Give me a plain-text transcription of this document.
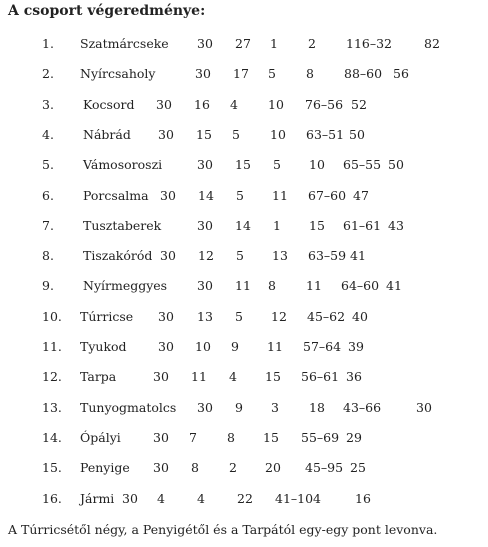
A csoport végeredménye:
1. Szatmárcseke 30 27 1 2 116–32	82
2. Nyírcsaholy	30 17 5 8 88–60 56
3. Kocsord 30 16 4 10 76–56 52
4. Nábrád 30 15 5 10 63–51 50
5. Vámosoroszi	30 15 5 10 65–55 50
6. Porcsalma 30 14 5 11 67–60 47
7. Tusztaberek	30 14 1 15 61–61 43
8. Tiszakóród 30 12 5 13 63–59 41
9. Nyírmeggyes 30 11 8 11 64–60 41
10. Túrricse 30 13 5 12 45–62 40
11. Tyukod	30 10 9 11 57–64 39
12. Tarpa	30 11 4 15 56–61 36
13. Tunyogmatolcs 30 9 3 18 43–66	30
14. Ópályi	30 7 8 15 55–69 29
15. Penyige 30 8 2 20 45–95 25
16. Jármi 30 4	4	22 41–104	16
A Túrricsétől négy, a Penyigétől és a Tarpától egy-egy pont levonva.
